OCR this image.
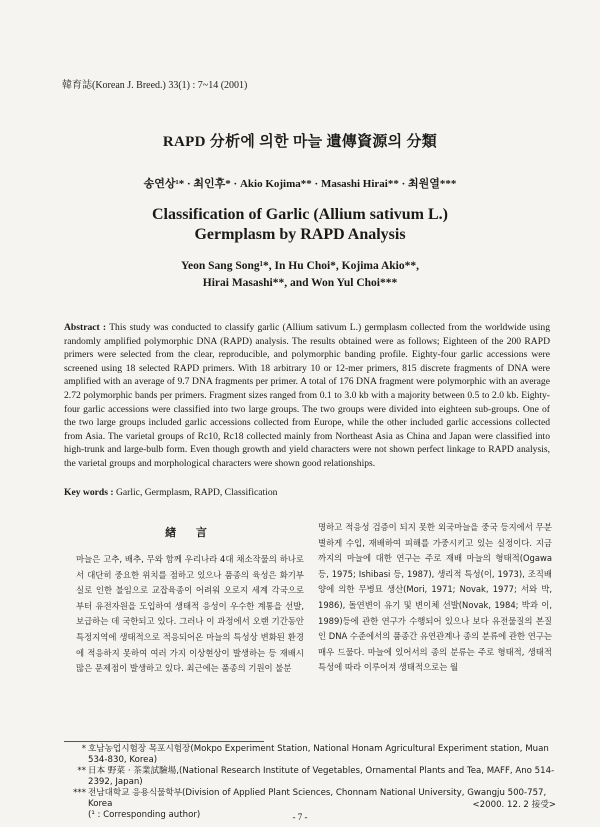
韓育誌(Korean J. Breed.) 33(1) : 7~14 (2001)
RAPD 分析에 의한 마늘 遺傳資源의 分類
송연상¹* · 최인후* · Akio Kojima** · Masashi Hirai** · 최원열***
Classification of Garlic (Allium sativum L.)
Germplasm by RAPD Analysis
Yeon Sang Song¹*, In Hu Choi*, Kojima Akio**,
Hirai Masashi**, and Won Yul Choi***
Abstract : This study was conducted to classify garlic (Allium sativum L.) germplasm collected from the worldwide using randomly amplified polymorphic DNA (RAPD) analysis. The results obtained were as follows; Eighteen of the 200 RAPD primers were selected from the clear, reproducible, and polymorphic banding profile. Eighty-four garlic accessions were screened using 18 selected RAPD primers. With 18 arbitrary 10 or 12-mer primers, 815 discrete fragments of DNA were amplified with an average of 9.7 DNA fragments per primer. A total of 176 DNA fragment were polymorphic with an average 2.72 polymorphic bands per primers. Fragment sizes ranged from 0.1 to 3.0 kb with a majority between 0.5 to 2.0 kb. Eighty-four garlic accessions were classified into two large groups. The two groups were divided into eighteen sub-groups. One of the two large groups included garlic accessions collected from Europe, while the other included garlic accessions collected from Asia. The varietal groups of Rc10, Rc18 collected mainly from Northeast Asia as China and Japan were classified into high-trunk and large-bulb form. Even though growth and yield characters were not shown perfect linkage to RAPD analysis, the varietal groups and morphological characters were shown good relationships.
Key words : Garlic, Germplasm, RAPD, Classification
緖 言
마늘은 고추, 배추, 무와 함께 우리나라 4대 채소작물의 하나로서 대단히 중요한 위치를 점하고 있으나 품종의 육성은 화기부실로 인한 불임으로 교잡육종이 어려워 오로지 세계 각국으로부터 유전자원을 도입하여 생태적 응성이 우수한 계통을 선발, 보급하는 데 국한되고 있다. 그러나 이 과정에서 오랜 기간동안 특정지역에 생태적으로 적응되어온 마늘의 특성상 변화된 환경에 적응하지 못하여 여러 가지 이상현상이 발생하는 등 재배시 많은 문제점이 발생하고 있다. 최근에는 품종의 기원이 불분
명하고 적응성 검증이 되지 못한 외국마늘을 중국 등지에서 무분별하게 수입, 재배하여 피해를 가중시키고 있는 실정이다. 지금까지의 마늘에 대한 연구는 주로 재배 마늘의 형태적(Ogawa 등, 1975; Ishibasi 등, 1987), 생리적 특성(이, 1973), 조직배양에 의한 무병묘 생산(Mori, 1971; Novak, 1977; 서와 박, 1986), 돌연변이 유기 및 변이체 선발(Novak, 1984; 박과 이, 1989)등에 관한 연구가 수행되어 있으나 보다 유전물질의 본질인 DNA 수준에서의 품종간 유연관계나 종의 분류에 관한 연구는 매우 드물다. 마늘에 있어서의 종의 분류는 주로 형태적, 생태적 특성에 따라 이루어져 생태적으로는 월
* 호남농업시험장 목포시험장(Mokpo Experiment Station, National Honam Agricultural Experiment station, Muan 534-830, Korea)
** 日本 野菜 · 茶業試驗場,(National Research Institute of Vegetables, Ornamental Plants and Tea, MAFF, Ano 514-2392, Japan)
*** 전남대학교 응용식물학부(Division of Applied Plant Sciences, Chonnam National University, Gwangju 500-757, Korea
(¹ : Corresponding author)
<2000. 12. 2 接受>
- 7 -
